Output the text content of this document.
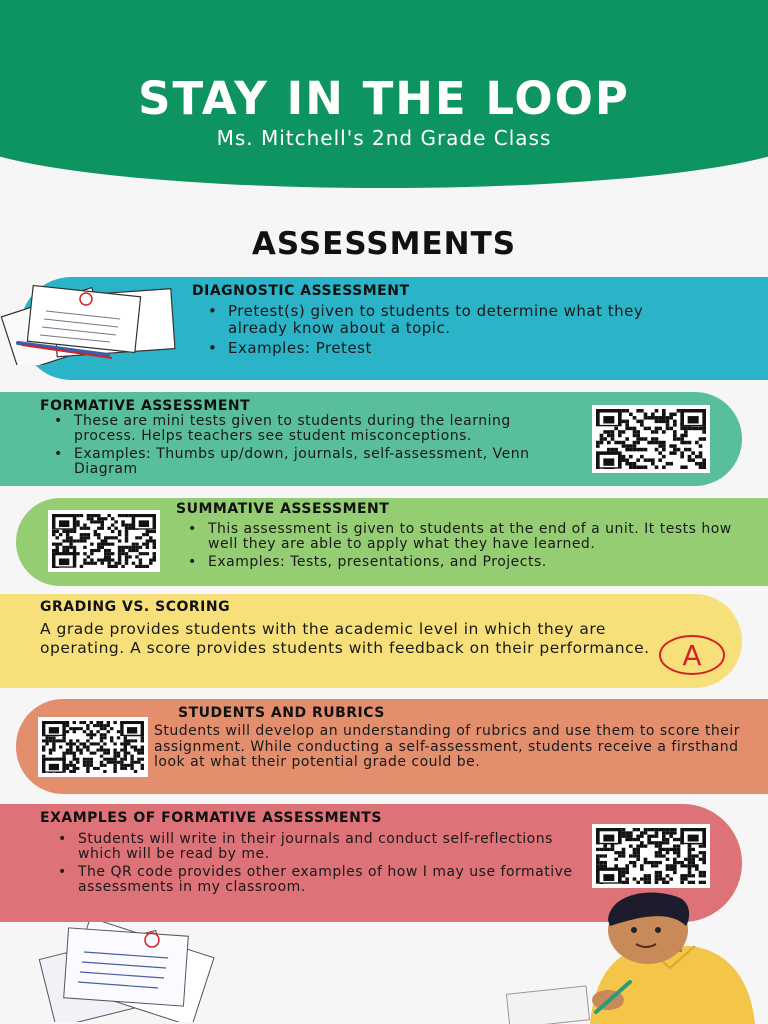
STAY IN THE LOOP
Ms. Mitchell's 2nd Grade Class
ASSESSMENTS
DIAGNOSTIC ASSESSMENT
• Pretest(s) given to students to determine what they already know about a topic.
• Examples: Pretest
FORMATIVE ASSESSMENT
• These are mini tests given to students during the learning process. Helps teachers see student misconceptions.
• Examples: Thumbs up/down, journals, self-assessment, Venn Diagram
SUMMATIVE ASSESSMENT
• This assessment is given to students at the end of a unit. It tests how well they are able to apply what they have learned.
• Examples: Tests, presentations, and Projects.
GRADING VS. SCORING

A grade provides students with the academic level in which they are operating. A score provides students with feedback on their performance.	A
STUDENTS AND RUBRICS

Students will develop an understanding of rubrics and use them to score their assignment. While conducting a self-assessment, students receive a firsthand look at what their potential grade could be.

EXAMPLES OF FORMATIVE ASSESSMENTS
• Students will write in their journals and conduct self-reflections which will be read by me.
• The QR code provides other examples of how I may use formative assessments in my classroom.
